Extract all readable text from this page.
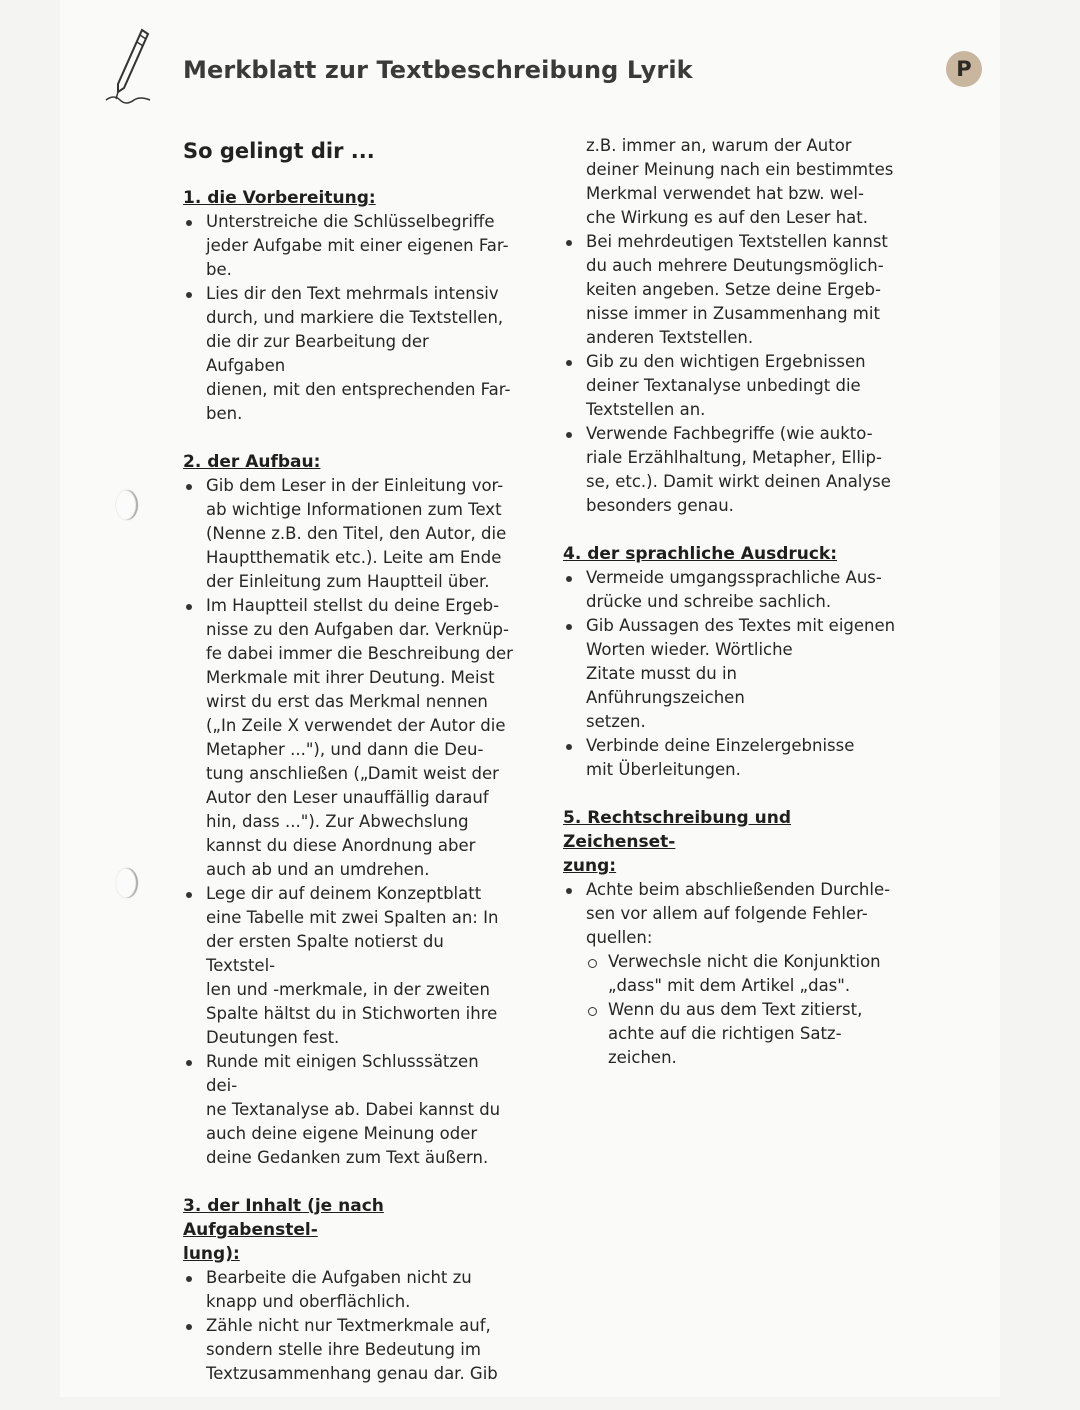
Merkblatt zur Textbeschreibung Lyrik	P
So gelingt dir ...

1. die Vorbereitung:

Unterstreiche die Schlüsselbegriffe
jeder Aufgabe mit einer eigenen Far-
be.
Lies dir den Text mehrmals intensiv
durch, und markiere die Textstellen,
die dir zur Bearbeitung der Aufgaben
dienen, mit den entsprechenden Far-
ben.

2. der Aufbau:

Gib dem Leser in der Einleitung vor-
ab wichtige Informationen zum Text
(Nenne z.B. den Titel, den Autor, die
Hauptthematik etc.). Leite am Ende
der Einleitung zum Hauptteil über.
Im Hauptteil stellst du deine Ergeb-
nisse zu den Aufgaben dar. Verknüp-
fe dabei immer die Beschreibung der
Merkmale mit ihrer Deutung. Meist
wirst du erst das Merkmal nennen
(„In Zeile X verwendet der Autor die
Metapher ..."), und dann die Deu-
tung anschließen („Damit weist der
Autor den Leser unauffällig darauf
hin, dass ..."). Zur Abwechslung
kannst du diese Anordnung aber
auch ab und an umdrehen.
Lege dir auf deinem Konzeptblatt
eine Tabelle mit zwei Spalten an: In
der ersten Spalte notierst du Textstel-
len und -merkmale, in der zweiten
Spalte hältst du in Stichworten ihre
Deutungen fest.
Runde mit einigen Schlusssätzen dei-
ne Textanalyse ab. Dabei kannst du
auch deine eigene Meinung oder
deine Gedanken zum Text äußern.

3. der Inhalt (je nach Aufgabenstel-
lung):

Bearbeite die Aufgaben nicht zu
knapp und oberflächlich.
Zähle nicht nur Textmerkmale auf,
sondern stelle ihre Bedeutung im
Textzusammenhang genau dar. Gib
z.B. immer an, warum der Autor
deiner Meinung nach ein bestimmtes
Merkmal verwendet hat bzw. wel-
che Wirkung es auf den Leser hat.
Bei mehrdeutigen Textstellen kannst
du auch mehrere Deutungsmöglich-
keiten angeben. Setze deine Ergeb-
nisse immer in Zusammenhang mit
anderen Textstellen.
Gib zu den wichtigen Ergebnissen
deiner Textanalyse unbedingt die
Textstellen an.
Verwende Fachbegriffe (wie aukto-
riale Erzählhaltung, Metapher, Ellip-
se, etc.). Damit wirkt deinen Analyse
besonders genau.

4. der sprachliche Ausdruck:

Vermeide umgangssprachliche Aus-
drücke und schreibe sachlich.
Gib Aussagen des Textes mit eigenen
Worten wieder. Wörtliche
Zitate musst du in Anführungszeichen
setzen.
Verbinde deine Einzelergebnisse
mit Überleitungen.

5. Rechtschreibung und Zeichenset-
zung:

Achte beim abschließenden Durchle-
sen vor allem auf folgende Fehler-
quellen:
Verwechsle nicht die Konjunktion
„dass" mit dem Artikel „das".
Wenn du aus dem Text zitierst,
achte auf die richtigen Satz-
zeichen.
